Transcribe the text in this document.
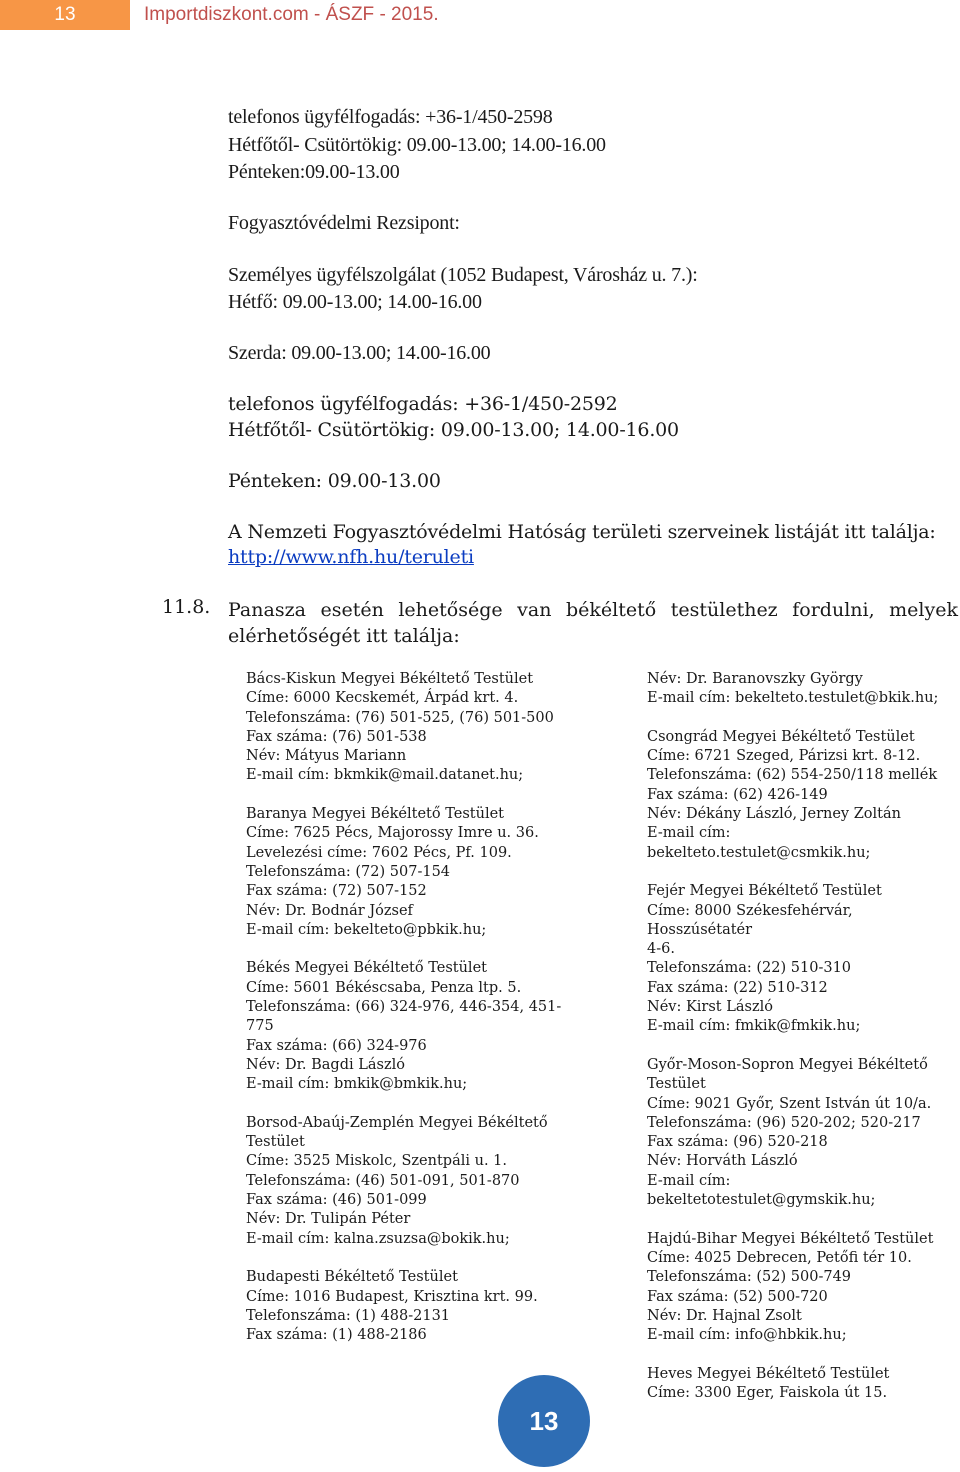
13	Importdiszkont.com - ÁSZF - 2015.
telefonos ügyfélfogadás: +36-1/450-2598
Hétfőtől- Csütörtökig: 09.00-13.00; 14.00-16.00
Pénteken:09.00-13.00
Fogyasztóvédelmi Rezsipont:
Személyes ügyfélszolgálat (1052 Budapest, Városház u. 7.):
Hétfő: 09.00-13.00; 14.00-16.00
Szerda: 09.00-13.00; 14.00-16.00
telefonos ügyfélfogadás: +36-1/450-2592
Hétfőtől- Csütörtökig: 09.00-13.00; 14.00-16.00
Pénteken: 09.00-13.00
A Nemzeti Fogyasztóvédelmi Hatóság területi szerveinek listáját itt találja:
http://www.nfh.hu/teruleti
11.8. Panasza esetén lehetősége van békéltető testülethez fordulni, melyek
elérhetőségét itt találja:
Bács-Kiskun Megyei Békéltető Testület
Címe: 6000 Kecskemét, Árpád krt. 4.
Telefonszáma: (76) 501-525, (76) 501-500
Fax száma: (76) 501-538
Név: Mátyus Mariann
E-mail cím: bkmkik@mail.datanet.hu;
Baranya Megyei Békéltető Testület
Címe: 7625 Pécs, Majorossy Imre u. 36.
Levelezési címe: 7602 Pécs, Pf. 109.
Telefonszáma: (72) 507-154
Fax száma: (72) 507-152
Név: Dr. Bodnár József
E-mail cím: bekelteto@pbkik.hu;
Békés Megyei Békéltető Testület
Címe: 5601 Békéscsaba, Penza ltp. 5.
Telefonszáma: (66) 324-976, 446-354, 451-
775
Fax száma: (66) 324-976
Név: Dr. Bagdi László
E-mail cím: bmkik@bmkik.hu;
Borsod-Abaúj-Zemplén Megyei Békéltető
Testület
Címe: 3525 Miskolc, Szentpáli u. 1.
Telefonszáma: (46) 501-091, 501-870
Fax száma: (46) 501-099
Név: Dr. Tulipán Péter
E-mail cím: kalna.zsuzsa@bokik.hu;
Budapesti Békéltető Testület
Címe: 1016 Budapest, Krisztina krt. 99.
Telefonszáma: (1) 488-2131
Fax száma: (1) 488-2186
Név: Dr. Baranovszky György
E-mail cím: bekelteto.testulet@bkik.hu;
Csongrád Megyei Békéltető Testület
Címe: 6721 Szeged, Párizsi krt. 8-12.
Telefonszáma: (62) 554-250/118 mellék
Fax száma: (62) 426-149
Név: Dékány László, Jerney Zoltán
E-mail cím: bekelteto.testulet@csmkik.hu;
Fejér Megyei Békéltető Testület
Címe: 8000 Székesfehérvár, Hosszúsétatér
4-6.
Telefonszáma: (22) 510-310
Fax száma: (22) 510-312
Név: Kirst László
E-mail cím: fmkik@fmkik.hu;
Győr-Moson-Sopron Megyei Békéltető
Testület
Címe: 9021 Győr, Szent István út 10/a.
Telefonszáma: (96) 520-202; 520-217
Fax száma: (96) 520-218
Név: Horváth László
E-mail cím: bekeltetotestulet@gymskik.hu;
Hajdú-Bihar Megyei Békéltető Testület
Címe: 4025 Debrecen, Petőfi tér 10.
Telefonszáma: (52) 500-749
Fax száma: (52) 500-720
Név: Dr. Hajnal Zsolt
E-mail cím: info@hbkik.hu;
Heves Megyei Békéltető Testület
Címe: 3300 Eger, Faiskola út 15.
13
